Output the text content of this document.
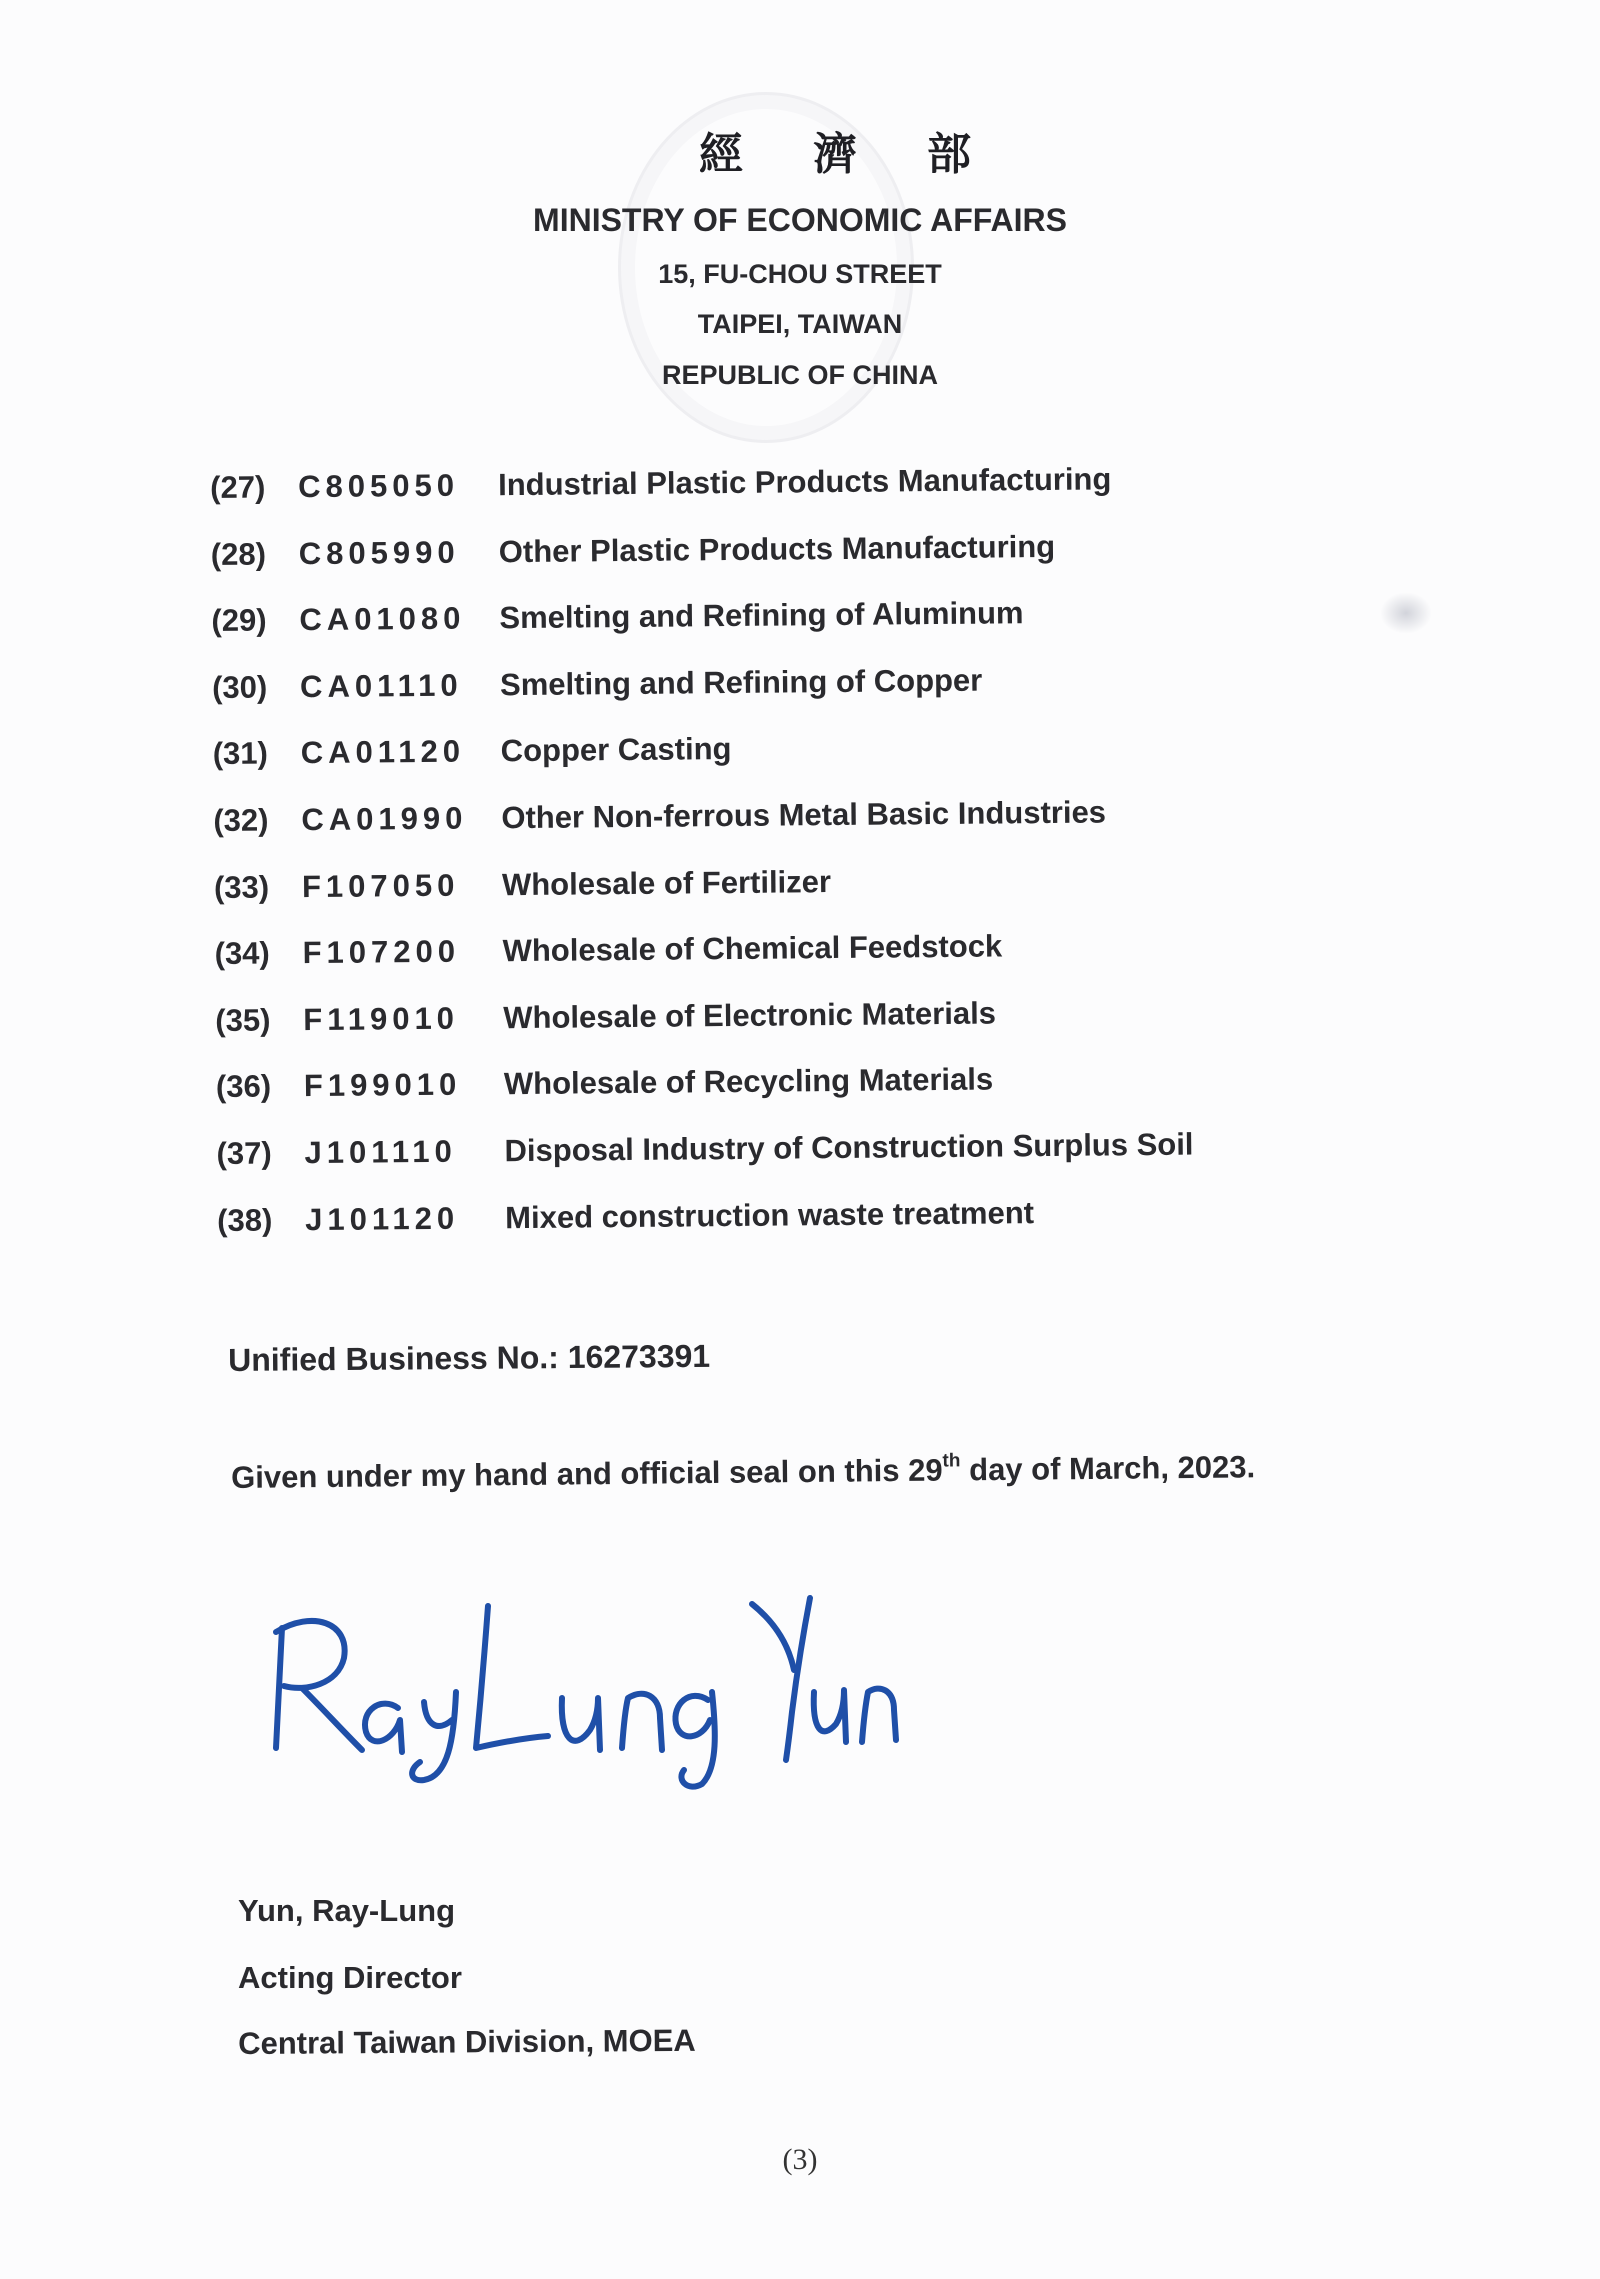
經濟部
MINISTRY OF ECONOMIC AFFAIRS
15, FU-CHOU STREET
TAIPEI, TAIWAN
REPUBLIC OF CHINA
(27)	C805050	Industrial Plastic Products Manufacturing
(28)	C805990	Other Plastic Products Manufacturing
(29)	CA01080	Smelting and Refining of Aluminum
(30)	CA01110	Smelting and Refining of Copper
(31)	CA01120	Copper Casting
(32)	CA01990	Other Non-ferrous Metal Basic Industries
(33)	F107050	Wholesale of Fertilizer
(34)	F107200	Wholesale of Chemical Feedstock
(35)	F119010	Wholesale of Electronic Materials
(36)	F199010	Wholesale of Recycling Materials
(37)	J101110	Disposal Industry of Construction Surplus Soil
(38)	J101120	Mixed construction waste treatment
Unified Business No.: 16273391
Given under my hand and official seal on this 29th day of March, 2023.
Yun, Ray-Lung
Acting Director
Central Taiwan Division, MOEA
(3)
